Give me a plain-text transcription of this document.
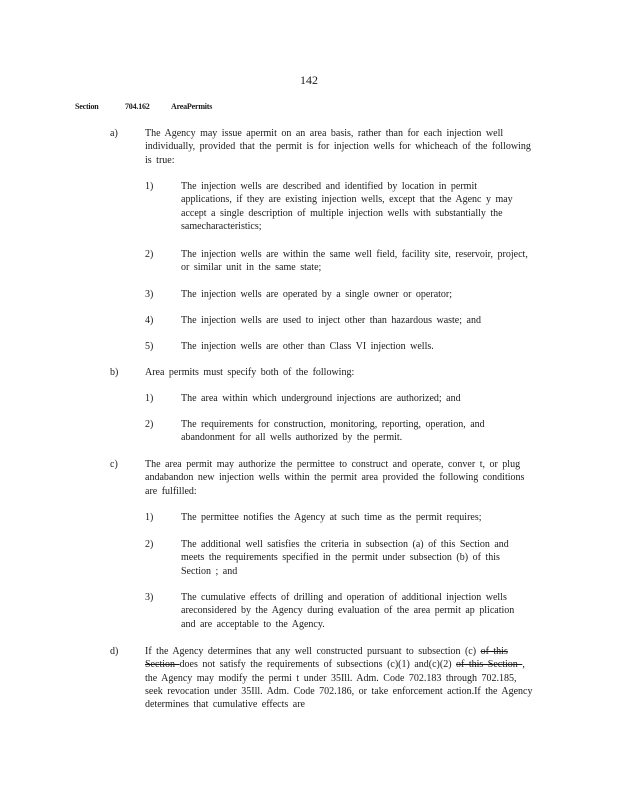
142
Section	704.162	AreaPermits
a)	The Agency may issue apermit on an area basis, rather than for each injection well individually, provided that the permit is for injection wells for whicheach of the following is true:
1)	The injection wells are described and identified by location in permit applications, if they are existing injection wells, except that the Agenc y may accept a single description of multiple injection wells with substantially the samecharacteristics;
2)	The injection wells are within the same well field, facility site, reservoir, project, or similar unit in the same state;
3)	The injection wells are operated by a single owner or operator;
4)	The injection wells are used to inject other than hazardous waste; and
5)	The injection wells are other than Class VI injection wells.
b)	Area permits must specify both of the following:
1)	The area within which underground injections are authorized; and
2)	The requirements for construction, monitoring, reporting, operation, and abandonment for all wells authorized by the permit.
c)	The area permit may authorize the permittee to construct and operate, conver t, or plug andabandon new injection wells within the permit area provided the following conditions are fulfilled:
1)	The permittee notifies the Agency at such time as the permit requires;
2)	The additional well satisfies the criteria in subsection (a) of this Section and meets the requirements specified in the permit under subsection (b) of this Section ; and
3)	The cumulative effects of drilling and operation of additional injection wells areconsidered by the Agency during evaluation of the area permit ap plication and are acceptable to the Agency.
d)	If the Agency determines that any well constructed pursuant to subsection (c) of this Section does not satisfy the requirements of subsections (c)(1) and(c)(2) of this Section , the Agency may modify the permi t under 35Ill. Adm. Code 702.183 through 702.185, seek revocation under 35Ill. Adm. Code 702.186, or take enforcement action.If the Agency determines that cumulative effects are
